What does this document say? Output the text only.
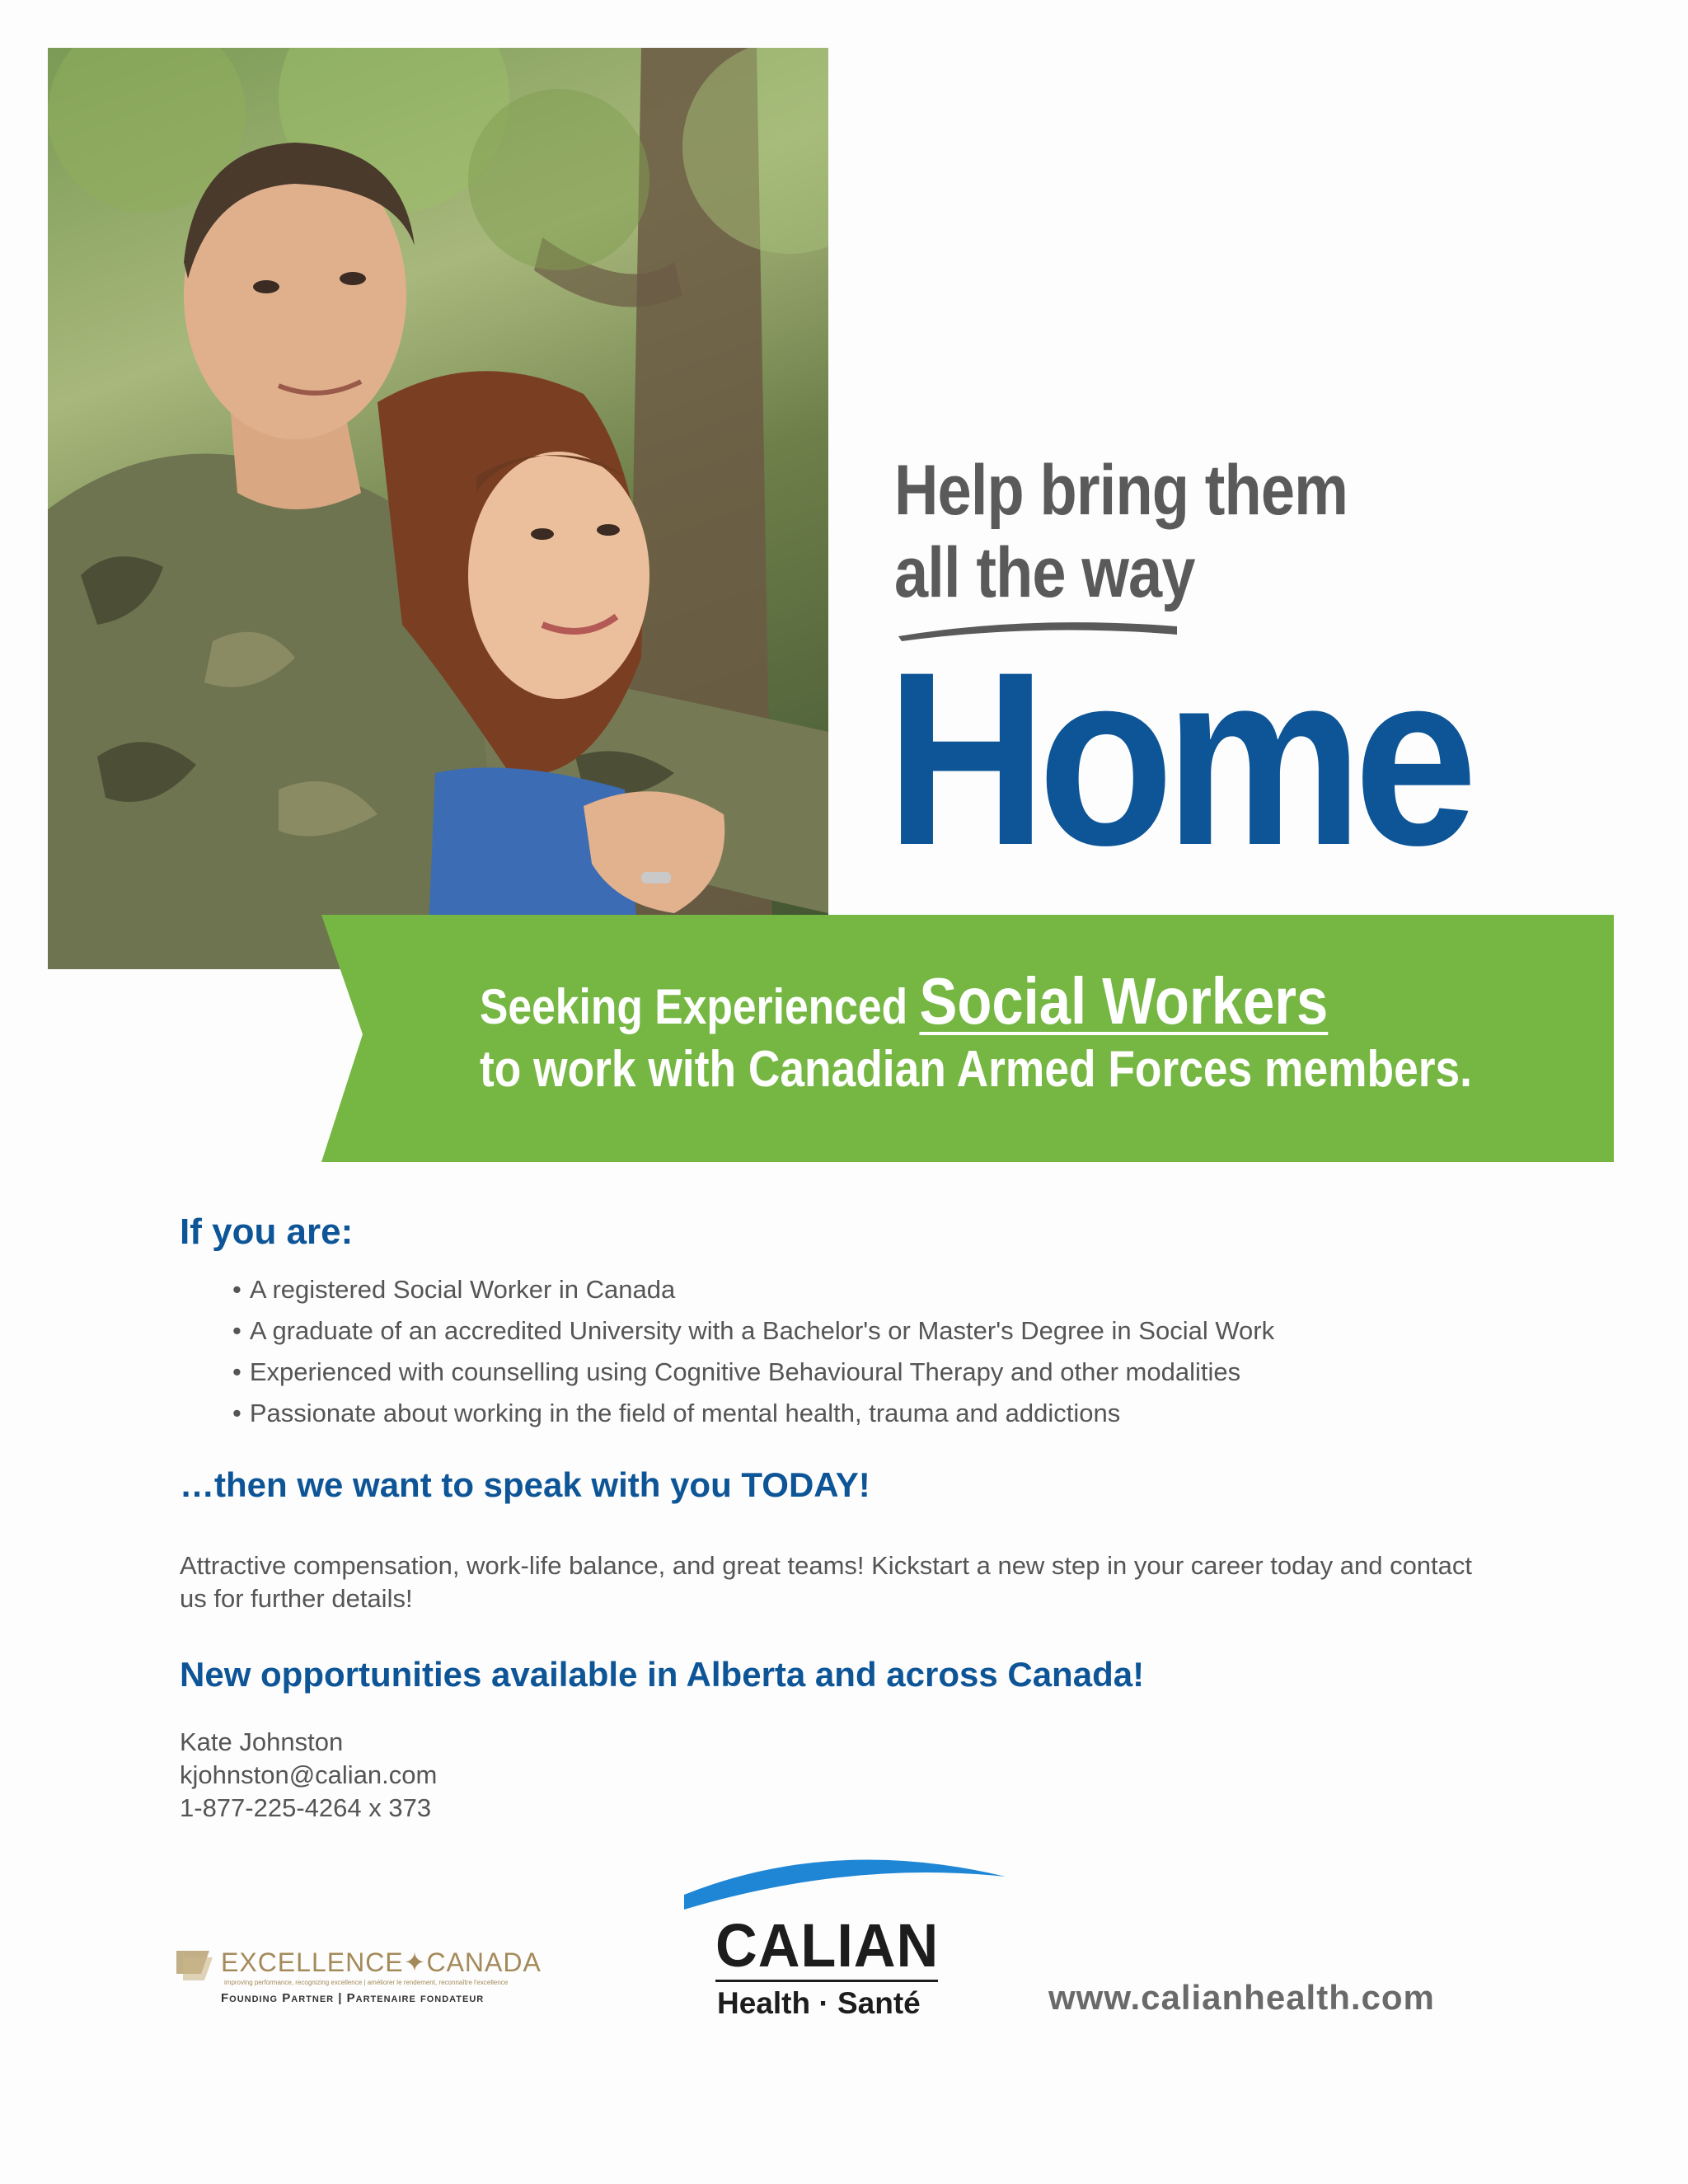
Help bring them
all the way
Home
Seeking Experienced Social Workers
to work with Canadian Armed Forces members.
If you are:
• A registered Social Worker in Canada
• A graduate of an accredited University with a Bachelor's or Master's Degree in Social Work
• Experienced with counselling using Cognitive Behavioural Therapy and other modalities
• Passionate about working in the field of mental health, trauma and addictions
…then we want to speak with you TODAY!
Attractive compensation, work-life balance, and great teams! Kickstart a new step in your career today and contact us for further details!
New opportunities available in Alberta and across Canada!
Kate Johnston
kjohnston@calian.com
1-877-225-4264 x 373
EXCELLENCE✦CANADA
improving performance, recognizing excellence | améliorer le rendement, reconnaître l'excellence
Founding Partner | Partenaire fondateur
CALIAN
Health · Santé	www.calianhealth.com
